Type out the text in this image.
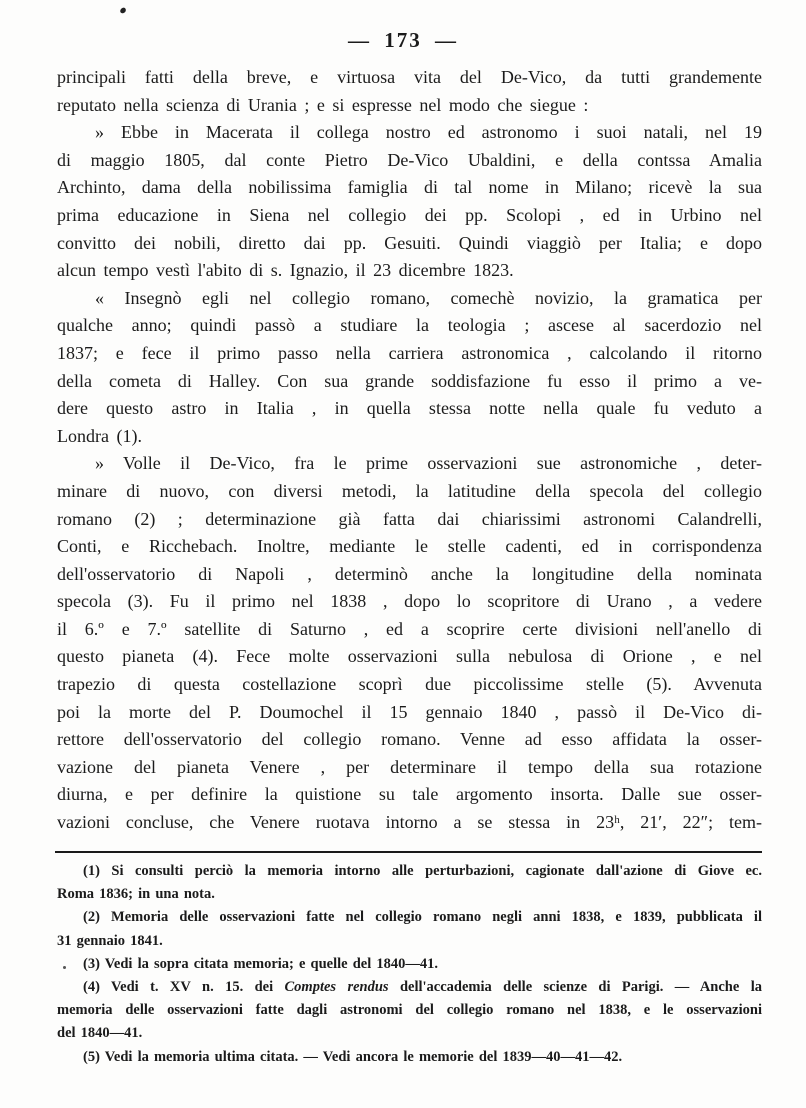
— 173 —
principali fatti della breve, e virtuosa vita del De-Vico, da tutti grandemente
reputato nella scienza di Urania ; e si espresse nel modo che siegue :
» Ebbe in Macerata il collega nostro ed astronomo i suoi natali, nel 19
di maggio 1805, dal conte Pietro De-Vico Ubaldini, e della contssa Amalia
Archinto, dama della nobilissima famiglia di tal nome in Milano; ricevè la sua
prima educazione in Siena nel collegio dei pp. Scolopi , ed in Urbino nel
convitto dei nobili, diretto dai pp. Gesuiti. Quindi viaggiò per Italia; e dopo
alcun tempo vestì l'abito di s. Ignazio, il 23 dicembre 1823.
« Insegnò egli nel collegio romano, comechè novizio, la gramatica per
qualche anno; quindi passò a studiare la teologia ; ascese al sacerdozio nel
1837; e fece il primo passo nella carriera astronomica , calcolando il ritorno
della cometa di Halley. Con sua grande soddisfazione fu esso il primo a ve-
dere questo astro in Italia , in quella stessa notte nella quale fu veduto a
Londra (1).
» Volle il De-Vico, fra le prime osservazioni sue astronomiche , deter-
minare di nuovo, con diversi metodi, la latitudine della specola del collegio
romano (2) ; determinazione già fatta dai chiarissimi astronomi Calandrelli,
Conti, e Ricchebach. Inoltre, mediante le stelle cadenti, ed in corrispondenza
dell'osservatorio di Napoli , determinò anche la longitudine della nominata
specola (3). Fu il primo nel 1838 , dopo lo scopritore di Urano , a vedere
il 6.º e 7.º satellite di Saturno , ed a scoprire certe divisioni nell'anello di
questo pianeta (4). Fece molte osservazioni sulla nebulosa di Orione , e nel
trapezio di questa costellazione scoprì due piccolissime stelle (5). Avvenuta
poi la morte del P. Doumochel il 15 gennaio 1840 , passò il De-Vico di-
rettore dell'osservatorio del collegio romano. Venne ad esso affidata la osser-
vazione del pianeta Venere , per determinare il tempo della sua rotazione
diurna, e per definire la quistione su tale argomento insorta. Dalle sue osser-
vazioni concluse, che Venere ruotava intorno a se stessa in 23ʰ, 21′, 22″; tem-
(1) Si consulti perciò la memoria intorno alle perturbazioni, cagionate dall'azione di Giove ec.
Roma 1836; in una nota.
(2) Memoria delle osservazioni fatte nel collegio romano negli anni 1838, e 1839, pubblicata il
31 gennaio 1841.
(3) Vedi la sopra citata memoria; e quelle del 1840—41.
(4) Vedi t. XV n. 15. dei Comptes rendus dell'accademia delle scienze di Parigi. — Anche la
memoria delle osservazioni fatte dagli astronomi del collegio romano nel 1838, e le osservazioni
del 1840—41.
(5) Vedi la memoria ultima citata. — Vedi ancora le memorie del 1839—40—41—42.
